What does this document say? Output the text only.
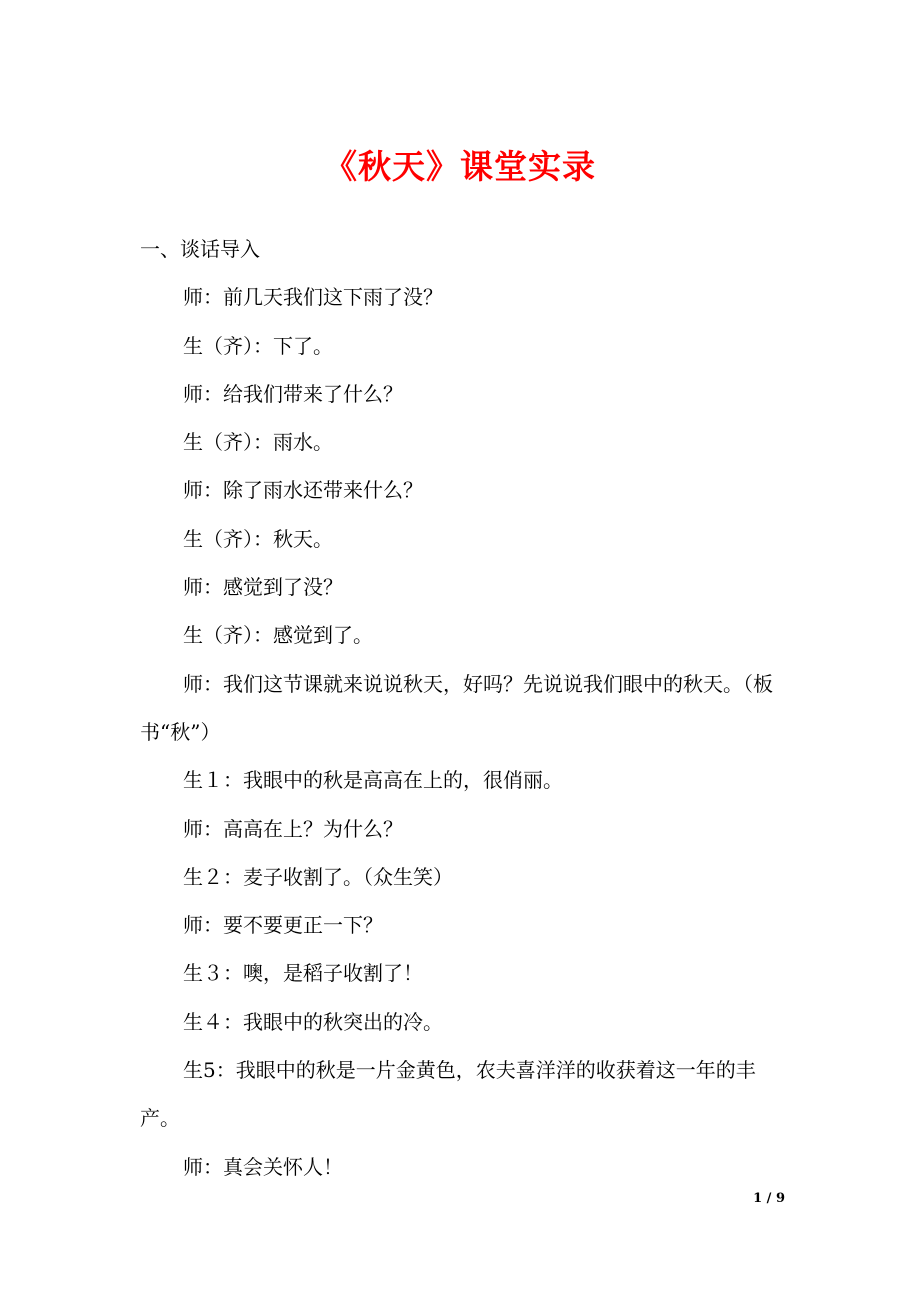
《秋天》课堂实录

一、谈话导入

师：前几天我们这下雨了没？

生（齐）：下了。

师：给我们带来了什么？

生（齐）：雨水。

师：除了雨水还带来什么？

生（齐）：秋天。

师：感觉到了没？

生（齐）：感觉到了。

师：我们这节课就来说说秋天，好吗？先说说我们眼中的秋天。（板书“秋”）

生１：我眼中的秋是高高在上的，很俏丽。

师：高高在上？为什么？

生２：麦子收割了。（众生笑）

师：要不要更正一下？

生３：噢，是稻子收割了！

生４：我眼中的秋突出的冷。

生5：我眼中的秋是一片金黄色，农夫喜洋洋的收获着这一年的丰产。

师：真会关怀人！

1 / 9
